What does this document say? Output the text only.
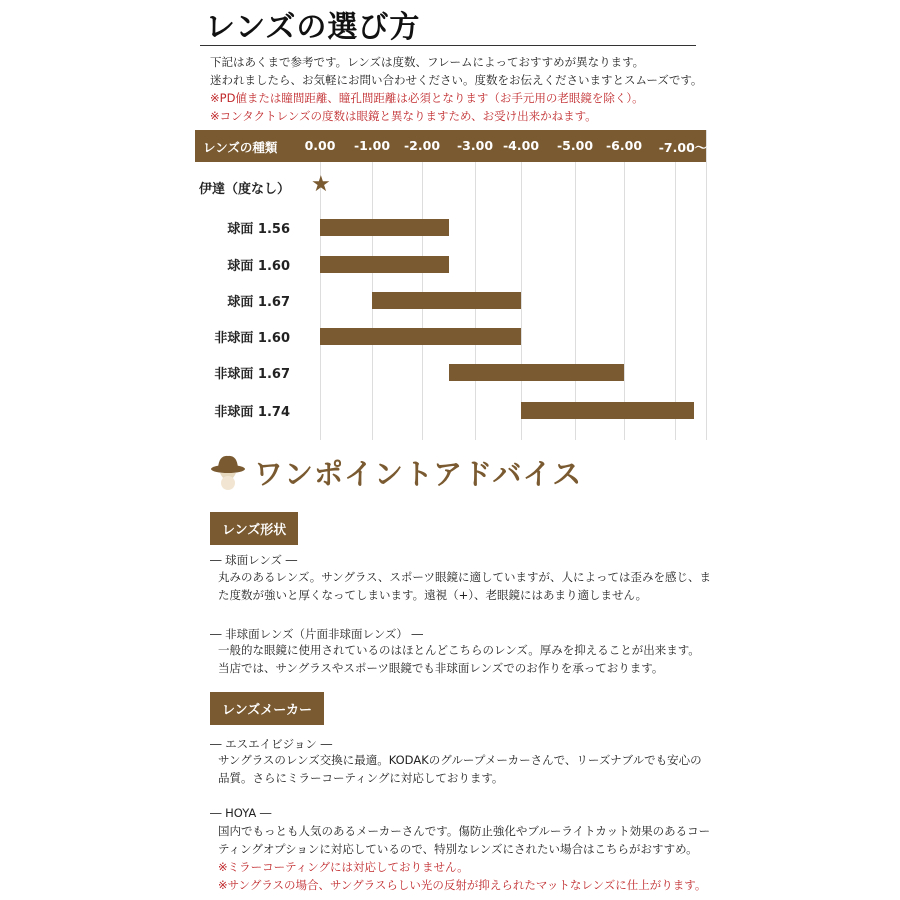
レンズの選び方
下記はあくまで参考です。レンズは度数、フレームによっておすすめが異なります。
迷われましたら、お気軽にお問い合わせください。度数をお伝えくださいますとスムーズです。
※PD値または瞳間距離、瞳孔間距離は必須となります（お手元用の老眼鏡を除く）。
※コンタクトレンズの度数は眼鏡と異なりますため、お受け出来かねます。
レンズの種類 0.00 -1.00 -2.00 -3.00 -4.00 -5.00 -6.00 -7.00〜
伊達（度なし） ★
球面 1.56
球面 1.60
球面 1.67
非球面 1.60
非球面 1.67
非球面 1.74
ワンポイントアドバイス
レンズ形状
― 球面レンズ ―
丸みのあるレンズ。サングラス、スポーツ眼鏡に適していますが、人によっては歪みを感じ、ま
た度数が強いと厚くなってしまいます。遠視（+）、老眼鏡にはあまり適しません。
― 非球面レンズ（片面非球面レンズ） ―
一般的な眼鏡に使用されているのはほとんどこちらのレンズ。厚みを抑えることが出来ます。
当店では、サングラスやスポーツ眼鏡でも非球面レンズでのお作りを承っております。
レンズメーカー
― エスエイビジョン ―
サングラスのレンズ交換に最適。KODAKのグループメーカーさんで、リーズナブルでも安心の
品質。さらにミラーコーティングに対応しております。
― HOYA ―
国内でもっとも人気のあるメーカーさんです。傷防止強化やブルーライトカット効果のあるコー
ティングオプションに対応しているので、特別なレンズにされたい場合はこちらがおすすめ。
※ミラーコーティングには対応しておりません。
※サングラスの場合、サングラスらしい光の反射が抑えられたマットなレンズに仕上がります。
